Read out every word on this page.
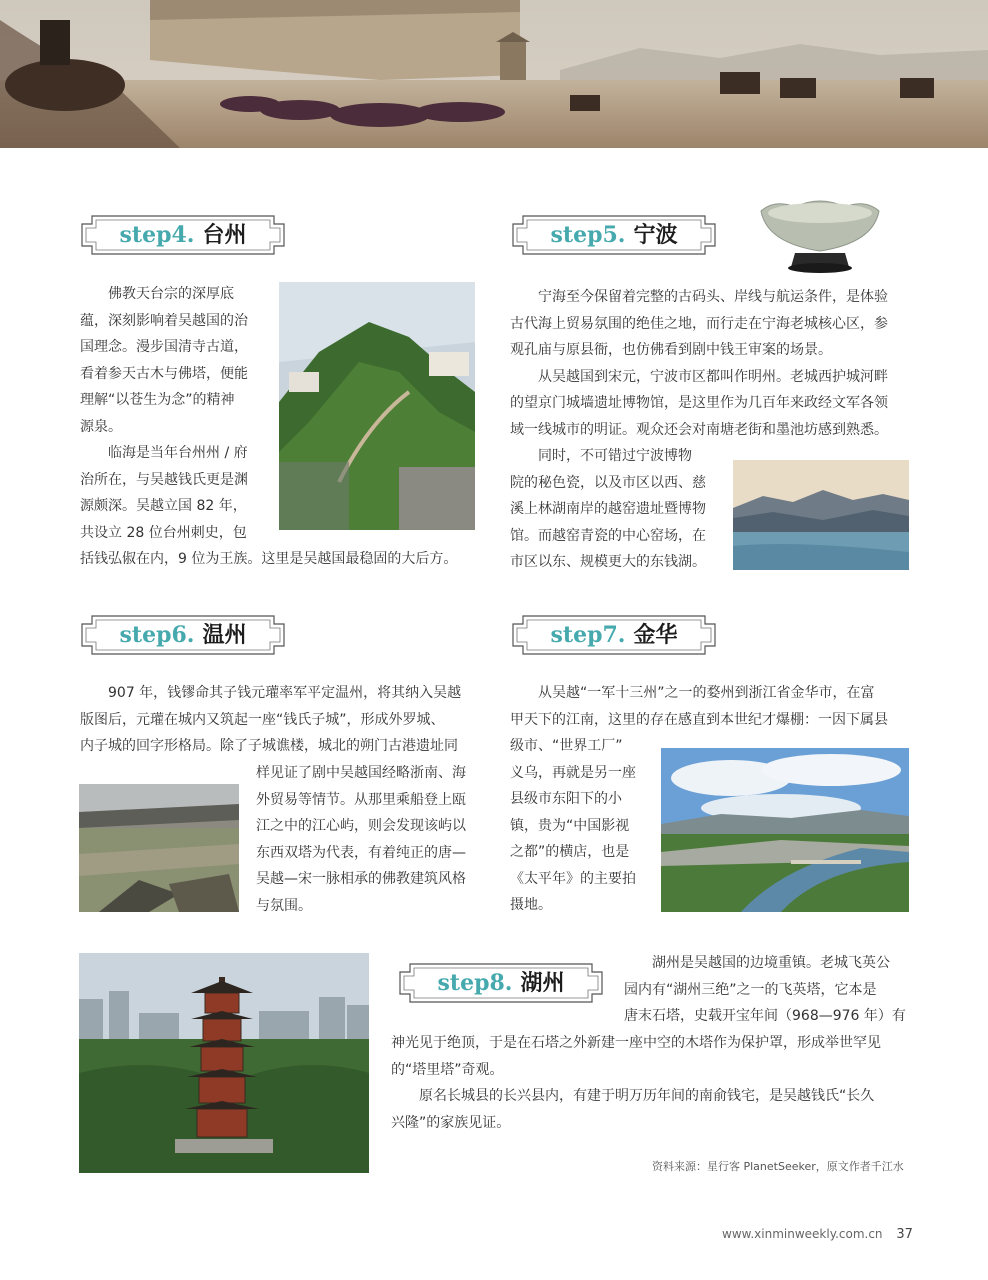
step4. 台州
　　佛教天台宗的深厚底
蕴，深刻影响着吴越国的治
国理念。漫步国清寺古道，
看着参天古木与佛塔，便能
理解“以苍生为念”的精神
源泉。
　　临海是当年台州州 / 府
治所在，与吴越钱氏更是渊
源颇深。吴越立国 82 年，
共设立 28 位台州刺史，包
括钱弘俶在内，9 位为王族。这里是吴越国最稳固的大后方。
step5. 宁波
　　宁海至今保留着完整的古码头、岸线与航运条件，是体验
古代海上贸易氛围的绝佳之地，而行走在宁海老城核心区，参
观孔庙与原县衙，也仿佛看到剧中钱王审案的场景。
　　从吴越国到宋元，宁波市区都叫作明州。老城西护城河畔
的望京门城墙遗址博物馆，是这里作为几百年来政经文军各领
域一线城市的明证。观众还会对南塘老街和墨池坊感到熟悉。
　　同时，不可错过宁波博物
院的秘色瓷，以及市区以西、慈
溪上林湖南岸的越窑遗址暨博物
馆。而越窑青瓷的中心窑场，在
市区以东、规模更大的东钱湖。
step6. 温州
　　907 年，钱镠命其子钱元瓘率军平定温州，将其纳入吴越
版图后，元瓘在城内又筑起一座“钱氏子城”，形成外罗城、
内子城的回字形格局。除了子城谯楼，城北的朔门古港遗址同
样见证了剧中吴越国经略浙南、海
外贸易等情节。从那里乘船登上瓯
江之中的江心屿，则会发现该屿以
东西双塔为代表，有着纯正的唐—
吴越—宋一脉相承的佛教建筑风格
与氛围。
step7. 金华
　　从吴越“一军十三州”之一的婺州到浙江省金华市，在富
甲天下的江南，这里的存在感直到本世纪才爆棚：一因下属县
级市、“世界工厂”
义乌，再就是另一座
县级市东阳下的小
镇，贵为“中国影视
之都”的横店，也是
《太平年》的主要拍
摄地。
step8. 湖州
　　湖州是吴越国的边境重镇。老城飞英公
园内有“湖州三绝”之一的飞英塔，它本是
唐末石塔，史载开宝年间（968—976 年）有
神光见于绝顶，于是在石塔之外新建一座中空的木塔作为保护罩，形成举世罕见
的“塔里塔”奇观。
　　原名长城县的长兴县内，有建于明万历年间的南俞钱宅，是吴越钱氏“长久
兴隆”的家族见证。
资料来源：星行客 PlanetSeeker，原文作者千江水
www.xinminweekly.com.cn 37
